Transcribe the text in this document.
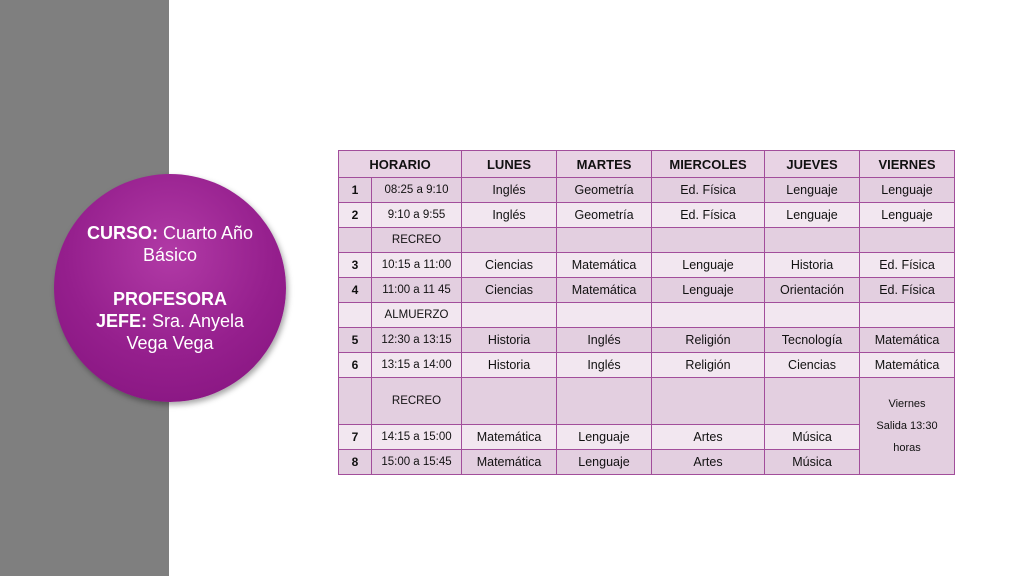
CURSO: Cuarto Año Básico
PROFESORA
JEFE: Sra. Anyela Vega Vega
HORARIO		LUNES	MARTES	MIERCOLES	JUEVES	VIERNES
1	08:25 a 9:10	Inglés	Geometría	Ed. Física	Lenguaje	Lenguaje
2	9:10 a 9:55	Inglés	Geometría	Ed. Física	Lenguaje	Lenguaje
	RECREO					
3	10:15 a 11:00	Ciencias	Matemática	Lenguaje	Historia	Ed. Física
4	11:00 a 11 45	Ciencias	Matemática	Lenguaje	Orientación	Ed. Física
	ALMUERZO					
5	12:30 a 13:15	Historia	Inglés	Religión	Tecnología	Matemática
6	13:15 a 14:00	Historia	Inglés	Religión	Ciencias	Matemática
	RECREO					Viernes
Salida 13:30
horas

7	14:15 a 15:00	Matemática	Lenguaje	Artes	Música	
8	15:00 a 15:45	Matemática	Lenguaje	Artes	Música	
